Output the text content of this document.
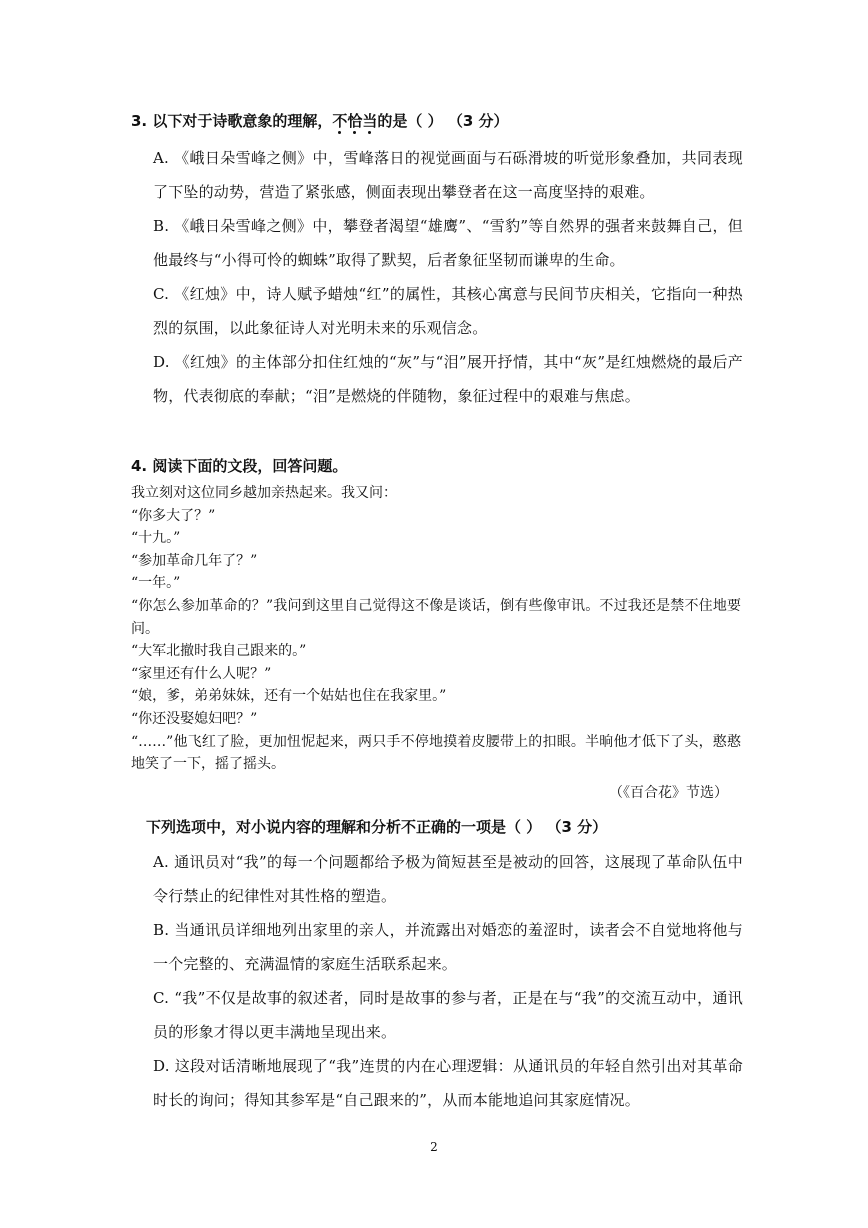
3. 以下对于诗歌意象的理解，不恰当的是（ ） （3 分）
A. 《峨日朵雪峰之侧》中，雪峰落日的视觉画面与石砾滑坡的听觉形象叠加，共同表现了下坠的动势，营造了紧张感，侧面表现出攀登者在这一高度坚持的艰难。
B. 《峨日朵雪峰之侧》中，攀登者渴望“雄鹰”、“雪豹”等自然界的强者来鼓舞自己，但他最终与“小得可怜的蜘蛛”取得了默契，后者象征坚韧而谦卑的生命。
C. 《红烛》中，诗人赋予蜡烛“红”的属性，其核心寓意与民间节庆相关，它指向一种热烈的氛围，以此象征诗人对光明未来的乐观信念。
D. 《红烛》的主体部分扣住红烛的“灰”与“泪”展开抒情，其中“灰”是红烛燃烧的最后产物，代表彻底的奉献；“泪”是燃烧的伴随物，象征过程中的艰难与焦虑。
4. 阅读下面的文段，回答问题。

我立刻对这位同乡越加亲热起来。我又问：

“你多大了？”

“十九。”

“参加革命几年了？”

“一年。”

“你怎么参加革命的？”我问到这里自己觉得这不像是谈话，倒有些像审讯。不过我还是禁不住地要问。

“大军北撤时我自己跟来的。”

“家里还有什么人呢？”

“娘，爹，弟弟妹妹，还有一个姑姑也住在我家里。”

“你还没娶媳妇吧？”

“……”他飞红了脸，更加忸怩起来，两只手不停地摸着皮腰带上的扣眼。半晌他才低下了头，憨憨地笑了一下，摇了摇头。

（《百合花》节选）
下列选项中，对小说内容的理解和分析不正确的一项是（ ） （3 分）
A. 通讯员对“我”的每一个问题都给予极为简短甚至是被动的回答，这展现了革命队伍中令行禁止的纪律性对其性格的塑造。
B. 当通讯员详细地列出家里的亲人，并流露出对婚恋的羞涩时，读者会不自觉地将他与一个完整的、充满温情的家庭生活联系起来。
C. “我”不仅是故事的叙述者，同时是故事的参与者，正是在与“我”的交流互动中，通讯员的形象才得以更丰满地呈现出来。
D. 这段对话清晰地展现了“我”连贯的内在心理逻辑：从通讯员的年轻自然引出对其革命时长的询问；得知其参军是“自己跟来的”，从而本能地追问其家庭情况。
2
